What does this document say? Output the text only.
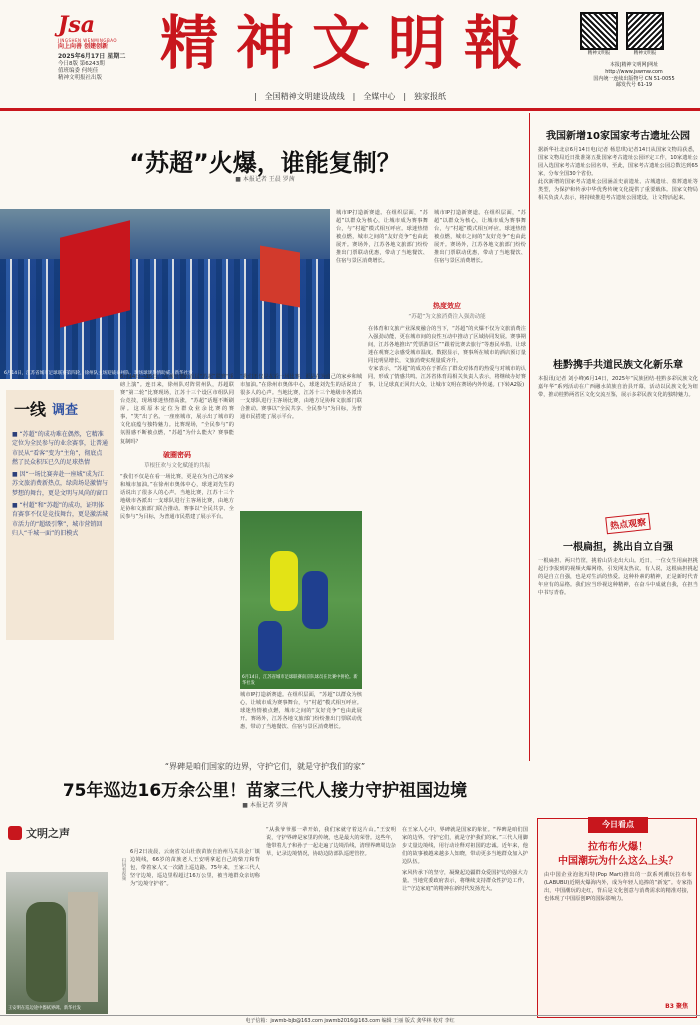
Jsa
JINGSHEN WENMINGBAO
向上向善 创建创新
2025年6月17日 星期二
今日8版 第6243期
值班编委 何纯佳
精神文明报社出版
精神文明報	精神文明报	精神文明报
本报|精神文明网|网址
http://www.jswmw.com
国内统一连续出版物号 CN 51-0055
邮发代号 61-19
| 全国精神文明建设战线 | 全媒中心 | 独家报纸
“苏超”火爆，谁能复制？
■ 本报记者 王晨 罗茜
6月14日，江苏省城市足球联赛第四轮，徐州队主场迎战泰州队，现场球迷热情助威。新华社发
城市IP打造新赛道。在组织层面，“苏超”以群众为核心，让城市成为赛事舞台，与“村超”模式相互呼应。球迷热情被点燃，城市之间的“友好竞争”也由此展开。赛场外，江苏各地文旅部门纷纷推出门票联动优惠，带动了当地餐饮、住宿与景区消费增长。
城市IP打造新赛道。在组织层面，“苏超”以群众为核心，让城市成为赛事舞台，与“村超”模式相互呼应。球迷热情被点燃，城市之间的“友好竞争”也由此展开。赛场外，江苏各地文旅部门纷纷推出门票联动优惠，带动了当地餐饮、住宿与景区消费增长。
一线 调查

■ “苏超”的成功难在偶然，它精准定位为全民参与的业余赛事，让普通市民从“看客”变为“主角”，彻底点燃了民众积压已久的足球热情

■ 因“一场比赛奔赴一座城”成为江苏文旅消费新热点，绿茵场是激情与梦想的舞台，更是文明与风尚的窗口

■ “村超”和“苏超”的成功，证明体育赛事不仅是竞技舞台，更是激活城市活力的“超级引擎”，城市营销回归人“千城一面”的旧模式

6月14日—15日，人满为患的首届“苏超”联赛“重磅上演”。连日来，徐州队对阵常州队，苏超联赛“第二轮”比赛现场，江苏十三个设区市组队同台竞技，现场球迷热情高涨，“苏超”话题不断刷屏。这项原本定位为群众业余比赛的赛事，“笑”出了名。一座座城市，展示出了城市的文化底蕴与独特魅力。比赛现场，“全民参与”的氛围感不断被点燃，“苏超”为什么能火？赛事能复制吗？
破圈密码
草根狂欢与文化赋能的共振
“我们不仅是在看一场比赛，更是在为自己的家乡和城市加油。”在徐州市奥体中心，球迷刘先生的话说出了很多人的心声。当地比赛，江苏十三个地级市各派出一支球队进行主客场比赛，由地方足协和文旅部门联合推动。赛事以“全民共享、全民参与”为目标，为普通市民搭建了展示平台。
“我们不仅是在看一场比赛，更是在为自己的家乡和城市加油。”在徐州市奥体中心，球迷刘先生的话说出了很多人的心声。当地比赛，江苏十三个地级市各派出一支球队进行主客场比赛，由地方足协和文旅部门联合推动。赛事以“全民共享、全民参与”为目标，为普通市民搭建了展示平台。
6月14日，江苏省城市足球联赛南京队球员在比赛中拼抢。新华社发
城市IP打造新赛道。在组织层面，“苏超”以群众为核心，让城市成为赛事舞台，与“村超”模式相互呼应。球迷热情被点燃，城市之间的“友好竞争”也由此展开。赛场外，江苏各地文旅部门纷纷推出门票联动优惠，带动了当地餐饮、住宿与景区消费增长。
热度效应
“苏超”为文旅消费注入强劲动能
在体育和文旅产业深度融合的当下，“苏超”的火爆不仅为文旅消费注入强劲动能，更在城市间的良性互动中推动了区域协同发展。赛事期间，江苏各地推出“凭票游景区”“跟着比赛去旅行”等惠民举措，让球迷在观赛之余感受城市温度。数据显示，赛事所在城市的酒店预订量同比明显增长，文旅消费实现量质齐升。
专家表示，“苏超”的成功在于抓住了群众对体育的热爱与对城市的认同，形成了情感共鸣。江苏省体育局相关负责人表示，将继续办好赛事，让足球真正回归大众，让城市文明在赛场内外传递。(下转A2版)
“界碑是咱们国家的边界，守护它们，就是守护我们的家”
75年巡边16万余公里！苗家三代人接力守护祖国边境
■ 本报记者 罗茜
文明之声
扫码看视频
王安明在巡边途中擦拭界碑。新华社发
6月2日凌晨，云南省文山壮族苗族自治州马关县金厂镇边境线，66岁的苗族老人王安明拿起自己的柴刀和背包，带着家人又一次踏上巡边路。75年来，王家三代人坚守边境，巡边里程超过16万公里，被当地群众亲切称为“边境守护者”。
“从我爷爷那一辈开始，我们家就守着这片山。”王安明说，守护界碑是家里的传统，也是最大的荣誉。这些年，他带着儿子和孙子一起走遍了边境沿线，清理界碑周边杂草，记录边境情况，协助边防部队巡逻管控。
在王家人心中，界碑就是国家的象征。“界碑是咱们国家的边界，守护它们，就是守护我们的家。”三代人用脚步丈量边境线，用行动诠释对祖国的忠诚。近年来，他们的故事被越来越多人知晓，带动更多当地群众加入护边队伍。
家风传承下的坚守，凝聚起边疆群众爱国护边的强大力量。当地党委政府表示，将继续支持群众性护边工作，让“守边家庭”的精神在新时代发扬光大。
我国新增10家国家考古遗址公园
据新华社北京6月14日电(记者 杨思琪)记者14日从国家文物局获悉，国家文物局近日批准第五批国家考古遗址公园评定工作，10家遗址公园入选国家考古遗址公园名单，至此，国家考古遗址公园总数达到65家，分布全国30个省份。
此次新增的国家考古遗址公园涵盖史前遗址、古城遗址、墓葬遗址等类型，为保护和传承中华优秀传统文化提供了重要载体。国家文物局相关负责人表示，将持续推进考古遗址公园建设，让文物活起来。
桂黔携手共道民族文化新乐章
本报讯(记者 刘小峰)6月14日，2025年“民族团结·桂黔多彩民族文化嘉年华”系列活动在广西融水苗族自治县开幕，活动以民族文化为纽带，推动桂黔两省区文化交流互鉴，展示多彩民族文化的独特魅力。
热点观察
一根扁担，挑出自立自强
一根扁担、两只竹筐，挑着山货走出大山。近日，一位女生用扁担挑起行李报到的视频火爆网络，引发网友热议。有人说，这根扁担挑起的是自立自强，也是对生活的热爱。这种朴素的精神，正是新时代青年应有的品格。我们应当珍视这种精神，在奋斗中成就自我，在担当中书写青春。
今日看点
拉布布火爆！
中国潮玩为什么这么上头？
由中国企业泡泡玛特(Pop Mart)推出的一款系列潮玩拉布布(LABUBU)近期火爆海内外，成为年轻人追捧的“新宠”。专家指出，中国潮玩的走红，背后是文化创意与消费需求的精准对接，也体现了中国原创IP的国际影响力。
B3 聚焦
电子信箱：jswmb-bjb@163.com jswmb2016@163.com 编辑 王丽 版式 龚华林 校对 李红
